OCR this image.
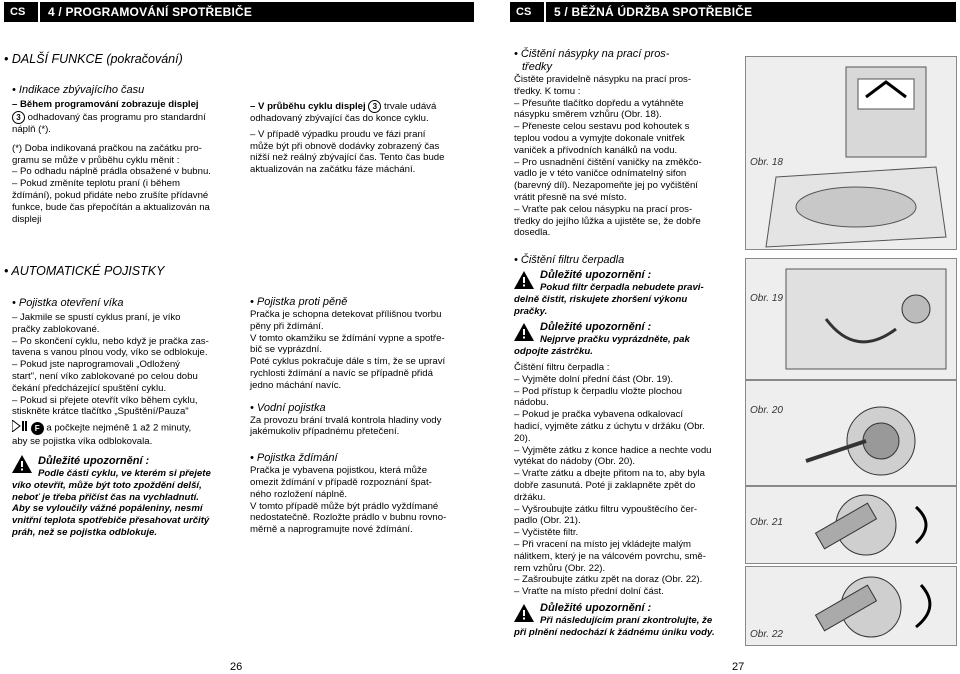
CS	4 / PROGRAMOVÁNÍ SPOTŘEBIČE	CS	5 / BĚŽNÁ ÚDRŽBA SPOTŘEBIČE
• DALŠÍ FUNKCE (pokračování)
• Indikace zbývajícího času
– Během programování zobrazuje displej
3 odhadovaný čas programu pro standardní
náplň (*).
(*) Doba indikovaná pračkou na začátku pro-
gramu se může v průběhu cyklu měnit :
– Po odhadu náplně prádla obsažené v bubnu.
– Pokud změníte teplotu praní (i během
ždímání), pokud přidáte nebo zrušíte přídavné
funkce, bude čas přepočítán a aktualizován na
displeji
– V průběhu cyklu displej 3 trvale udává
odhadovaný zbývající čas do konce cyklu.
– V případě výpadku proudu ve fázi praní
může být při obnově dodávky zobrazený čas
nižší než reálný zbývající čas. Tento čas bude
aktualizován na začátku fáze máchání.
• AUTOMATICKÉ POJISTKY
• Pojistka otevření víka
– Jakmile se spustí cyklus praní, je víko
pračky zablokované.
– Po skončení cyklu, nebo když je pračka zas-
tavena s vanou plnou vody, víko se odblokuje.
– Pokud jste naprogramovali „Odložený
start", není víko zablokované po celou dobu
čekání předcházející spuštění cyklu.
– Pokud si přejete otevřít víko během cyklu,
stiskněte krátce tlačítko „Spuštění/Pauza"
F a počkejte nejméně 1 až 2 minuty,
aby se pojistka víka odblokovala.
Důležité upozornění :
Podle části cyklu, ve kterém si přejete
víko otevřít, může být toto zpoždění delší,
neboť je třeba přičíst čas na vychladnutí.
Aby se vyloučily vážné popáleniny, nesmí
vnitřní teplota spotřebiče přesahovat určitý
práh, než se pojistka odblokuje.
• Pojistka proti pěně
Pračka je schopna detekovat přílišnou tvorbu
pěny při ždímání.
V tomto okamžiku se ždímání vypne a spotře-
bič se vyprázdní.
Poté cyklus pokračuje dále s tím, že se upraví
rychlosti ždímání a navíc se případně přidá
jedno máchání navíc.
• Vodní pojistka
Za provozu brání trvalá kontrola hladiny vody
jakémukoliv případnému přetečení.
• Pojistka ždímání
Pračka je vybavena pojistkou, která může
omezit ždímání v případě rozpoznání špat-
ného rozložení náplně.
V tomto případě může být prádlo vyždímané
nedostatečně. Rozložte prádlo v bubnu rovno-
měrně a naprogramujte nové ždímání.
• Čištění násypky na prací pros-
tředky
Čistěte pravidelně násypku na prací pros-
tředky. K tomu :
– Přesuňte tlačítko dopředu a vytáhněte
násypku směrem vzhůru (Obr. 18).
– Přeneste celou sestavu pod kohoutek s
teplou vodou a vymyjte dokonale vnitřek
vaniček a přívodních kanálků na vodu.
– Pro usnadnění čištění vaničky na změkčo-
vadlo je v této vaničce odnímatelný sifon
(barevný díl). Nezapomeňte jej po vyčištění
vrátit přesně na své místo.
– Vraťte pak celou násypku na prací pros-
tředky do jejího lůžka a ujistěte se, že dobře
dosedla.
• Čištění filtru čerpadla
Důležité upozornění :
Pokud filtr čerpadla nebudete pravi-
delně čistit, riskujete zhoršení výkonu
pračky.
Důležité upozornění :
Nejprve pračku vyprázdněte, pak
odpojte zástrčku.
Čištění filtru čerpadla :
– Vyjměte dolní přední část (Obr. 19).
– Pod přístup k čerpadlu vložte plochou
nádobu.
– Pokud je pračka vybavena odkalovací
hadicí, vyjměte zátku z úchytu v držáku (Obr.
20).
– Vyjměte zátku z konce hadice a nechte vodu
vytékat do nádoby (Obr. 20).
– Vraťte zátku a dbejte přitom na to, aby byla
dobře zasunutá. Poté ji zaklapněte zpět do
držáku.
– Vyšroubujte zátku filtru vypouštěcího čer-
padlo (Obr. 21).
– Vyčistěte filtr.
– Při vracení na místo jej vkládejte malým
nálitkem, který je na válcovém povrchu, smě-
rem vzhůru (Obr. 22).
– Zašroubujte zátku zpět na doraz (Obr. 22).
– Vraťte na místo přední dolní část.
Důležité upozornění :
Při následujícím praní zkontrolujte, že
při plnění nedochází k žádnému úniku vody.
Obr. 18
Obr. 19
Obr. 20
Obr. 21
Obr. 22
26	27
